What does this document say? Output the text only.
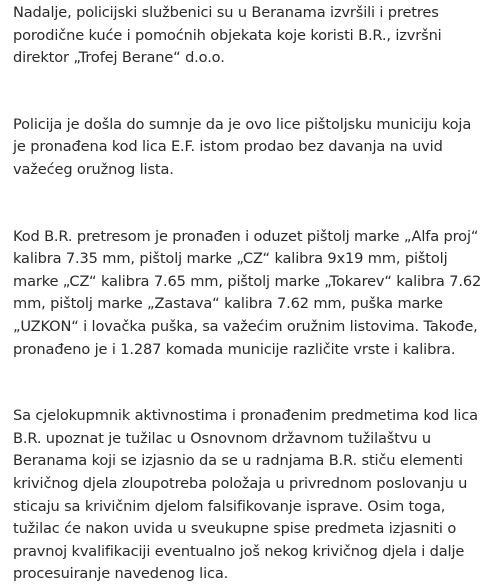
Nadalje, policijski službenici su u Beranama izvršili i pretres porodične kuće i pomoćnih objekata koje koristi B.R., izvršni direktor „Trofej Berane“ d.o.o.

Policija je došla do sumnje da je ovo lice pištoljsku municiju koja je pronađena kod lica E.F. istom prodao bez davanja na uvid važećeg oružnog lista.

Kod B.R. pretresom je pronađen i oduzet pištolj marke „Alfa proj“ kalibra 7.35 mm, pištolj marke „CZ“ kalibra 9x19 mm, pištolj marke „CZ“ kalibra 7.65 mm, pištolj marke „Tokarev“ kalibra 7.62 mm, pištolj marke „Zastava“ kalibra 7.62 mm, puška marke „UZKON“ i lovačka puška, sa važećim oružnim listovima. Takođe, pronađeno je i 1.287 komada municije različite vrste i kalibra.

Sa cjelokupmnik aktivnostima i pronađenim predmetima kod lica B.R. upoznat je tužilac u Osnovnom državnom tužilaštvu u Beranama koji se izjasnio da se u radnjama B.R. stiču elementi krivičnog djela zloupotreba položaja u privrednom poslovanju u sticaju sa krivičnim djelom falsifikovanje isprave. Osim toga, tužilac će nakon uvida u sveukupne spise predmeta izjasniti o pravnoj kvalifikaciji eventualno još nekog krivičnog djela i dalje procesuiranje navedenog lica.
